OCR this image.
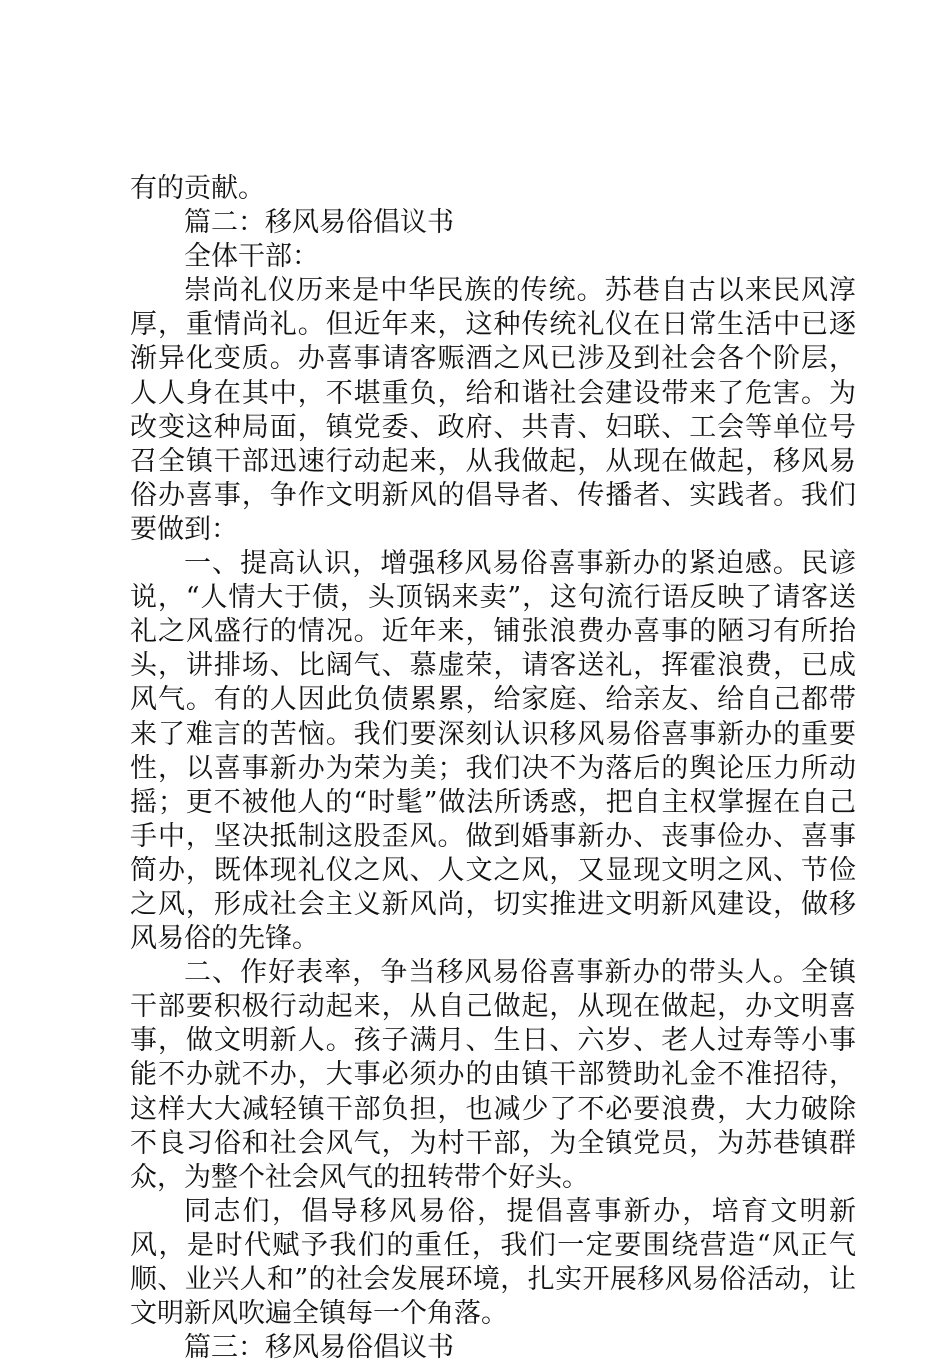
有的贡献。

篇二：移风易俗倡议书

全体干部：

崇尚礼仪历来是中华民族的传统。苏巷自古以来民风淳厚，重情尚礼。但近年来，这种传统礼仪在日常生活中已逐渐异化变质。办喜事请客赈酒之风已涉及到社会各个阶层，人人身在其中，不堪重负，给和谐社会建设带来了危害。为改变这种局面，镇党委、政府、共青、妇联、工会等单位号召全镇干部迅速行动起来，从我做起，从现在做起，移风易俗办喜事，争作文明新风的倡导者、传播者、实践者。我们要做到：

一、提高认识，增强移风易俗喜事新办的紧迫感。民谚说，“人情大于债，头顶锅来卖”，这句流行语反映了请客送礼之风盛行的情况。近年来，铺张浪费办喜事的陋习有所抬头，讲排场、比阔气、慕虚荣，请客送礼，挥霍浪费，已成风气。有的人因此负债累累，给家庭、给亲友、给自己都带来了难言的苦恼。我们要深刻认识移风易俗喜事新办的重要性，以喜事新办为荣为美；我们决不为落后的舆论压力所动摇；更不被他人的“时髦”做法所诱惑，把自主权掌握在自己手中，坚决抵制这股歪风。做到婚事新办、丧事俭办、喜事简办，既体现礼仪之风、人文之风，又显现文明之风、节俭之风，形成社会主义新风尚，切实推进文明新风建设，做移风易俗的先锋。

二、作好表率，争当移风易俗喜事新办的带头人。全镇干部要积极行动起来，从自己做起，从现在做起，办文明喜事，做文明新人。孩子满月、生日、六岁、老人过寿等小事能不办就不办，大事必须办的由镇干部赞助礼金不准招待，这样大大减轻镇干部负担，也减少了不必要浪费，大力破除不良习俗和社会风气，为村干部，为全镇党员，为苏巷镇群众，为整个社会风气的扭转带个好头。

同志们，倡导移风易俗，提倡喜事新办，培育文明新风，是时代赋予我们的重任，我们一定要围绕营造“风正气顺、业兴人和”的社会发展环境，扎实开展移风易俗活动，让文明新风吹遍全镇每一个角落。

篇三：移风易俗倡议书
